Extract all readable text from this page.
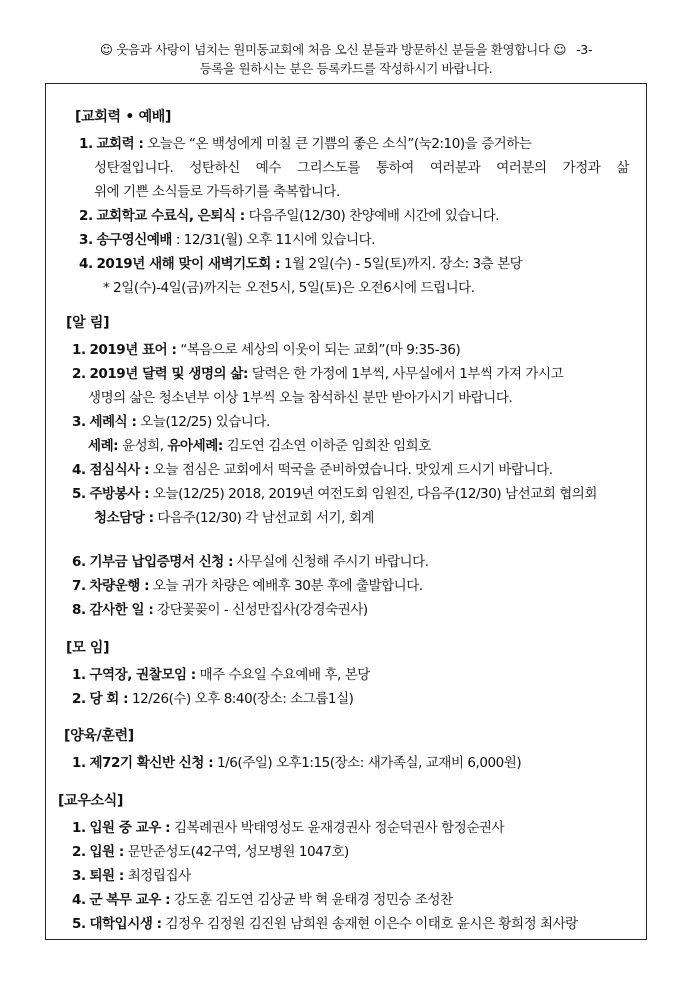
☺ 웃음과 사랑이 넘치는 원미동교회에 처음 오신 분들과 방문하신 분들을 환영합니다 ☺ -3-
등록을 원하시는 분은 등록카드를 작성하시기 바랍니다.
[교회력 • 예배]
1. 교회력 : 오늘은 “온 백성에게 미칠 큰 기쁨의 좋은 소식”(눅2:10)을 증거하는
성탄절입니다. 성탄하신 예수 그리스도를 통하여 여러분과 여러분의 가정과 삶
위에 기쁜 소식들로 가득하기를 축복합니다.
2. 교회학교 수료식, 은퇴식 : 다음주일(12/30) 찬양예배 시간에 있습니다.
3. 송구영신예배 : 12/31(월) 오후 11시에 있습니다.
4. 2019년 새해 맞이 새벽기도회 : 1월 2일(수) - 5일(토)까지. 장소: 3층 본당
* 2일(수)-4일(금)까지는 오전5시, 5일(토)은 오전6시에 드립니다.
[알 림]
1. 2019년 표어 : “복음으로 세상의 이웃이 되는 교회”(마 9:35-36)
2. 2019년 달력 및 생명의 삶: 달력은 한 가정에 1부씩, 사무실에서 1부씩 가져 가시고
생명의 삶은 청소년부 이상 1부씩 오늘 참석하신 분만 받아가시기 바랍니다.
3. 세례식 : 오늘(12/25) 있습니다.
세례: 윤성희, 유아세례: 김도연 김소연 이하준 임희찬 임희호
4. 점심식사 : 오늘 점심은 교회에서 떡국을 준비하였습니다. 맛있게 드시기 바랍니다.
5. 주방봉사 : 오늘(12/25) 2018, 2019년 여전도회 임원진, 다음주(12/30) 남선교회 협의회
청소담당 : 다음주(12/30) 각 남선교회 서기, 회계
6. 기부금 납입증명서 신청 : 사무실에 신청해 주시기 바랍니다.
7. 차량운행 : 오늘 귀가 차량은 예배후 30분 후에 출발합니다.
8. 감사한 일 : 강단꽃꽂이 - 신성만집사(강경숙권사)
[모 임]
1. 구역장, 권찰모임 : 매주 수요일 수요예배 후, 본당
2. 당 회 : 12/26(수) 오후 8:40(장소: 소그룹1실)
[양육/훈련]
1. 제72기 확신반 신청 : 1/6(주일) 오후1:15(장소: 새가족실, 교재비 6,000원)
[교우소식]
1. 입원 중 교우 : 김복례권사 박태영성도 윤재경권사 정순덕권사 함정순권사
2. 입원 : 문만준성도(42구역, 성모병원 1047호)
3. 퇴원 : 최정립집사
4. 군 복무 교우 : 강도훈 김도연 김상균 박 혁 윤태경 정민승 조성찬
5. 대학입시생 : 김정우 김정원 김진원 남희원 송재현 이은수 이태호 윤시은 황희정 최사랑
